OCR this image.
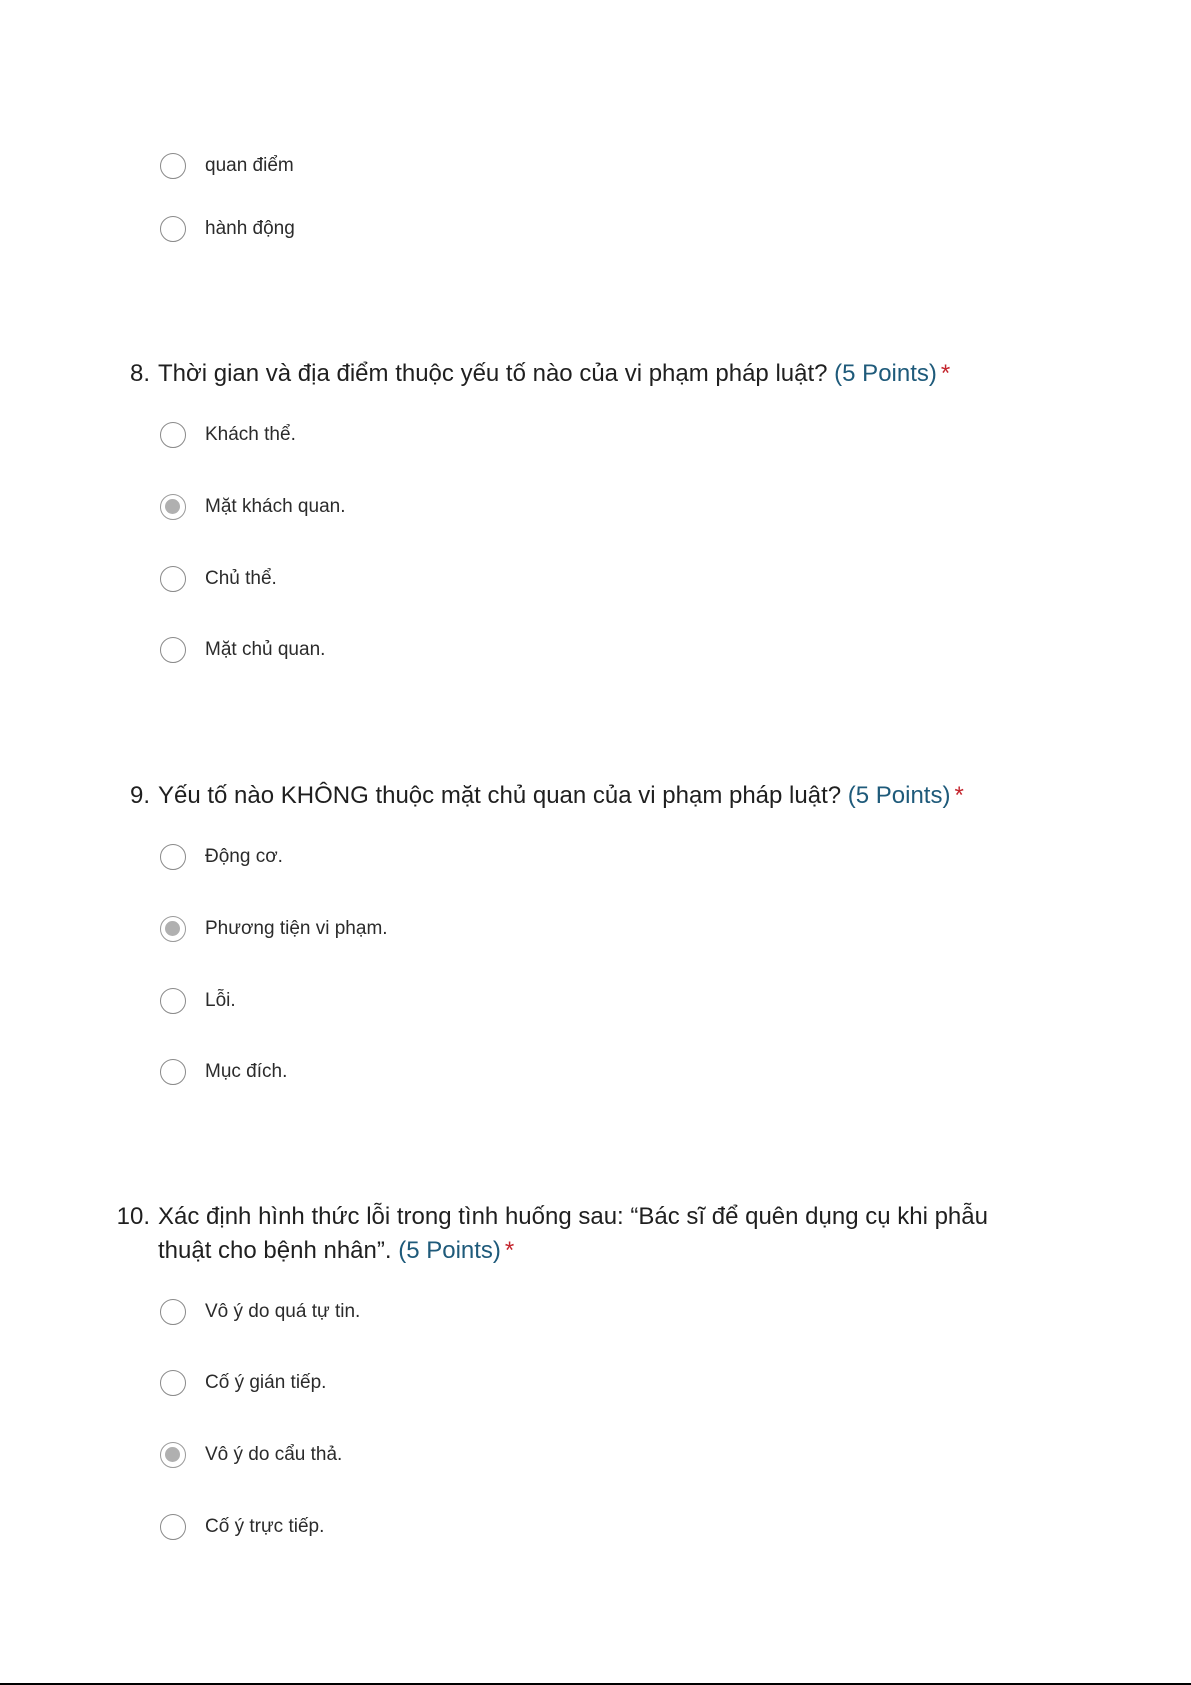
quan điểm
hành động
8. Thời gian và địa điểm thuộc yếu tố nào của vi phạm pháp luật? (5 Points) *
Khách thể.
Mặt khách quan.
Chủ thể.
Mặt chủ quan.
9. Yếu tố nào KHÔNG thuộc mặt chủ quan của vi phạm pháp luật? (5 Points) *
Động cơ.
Phương tiện vi phạm.
Lỗi.
Mục đích.
10. Xác định hình thức lỗi trong tình huống sau: “Bác sĩ để quên dụng cụ khi phẫu
thuật cho bệnh nhân”. (5 Points) *
Vô ý do quá tự tin.
Cố ý gián tiếp.
Vô ý do cẩu thả.
Cố ý trực tiếp.
